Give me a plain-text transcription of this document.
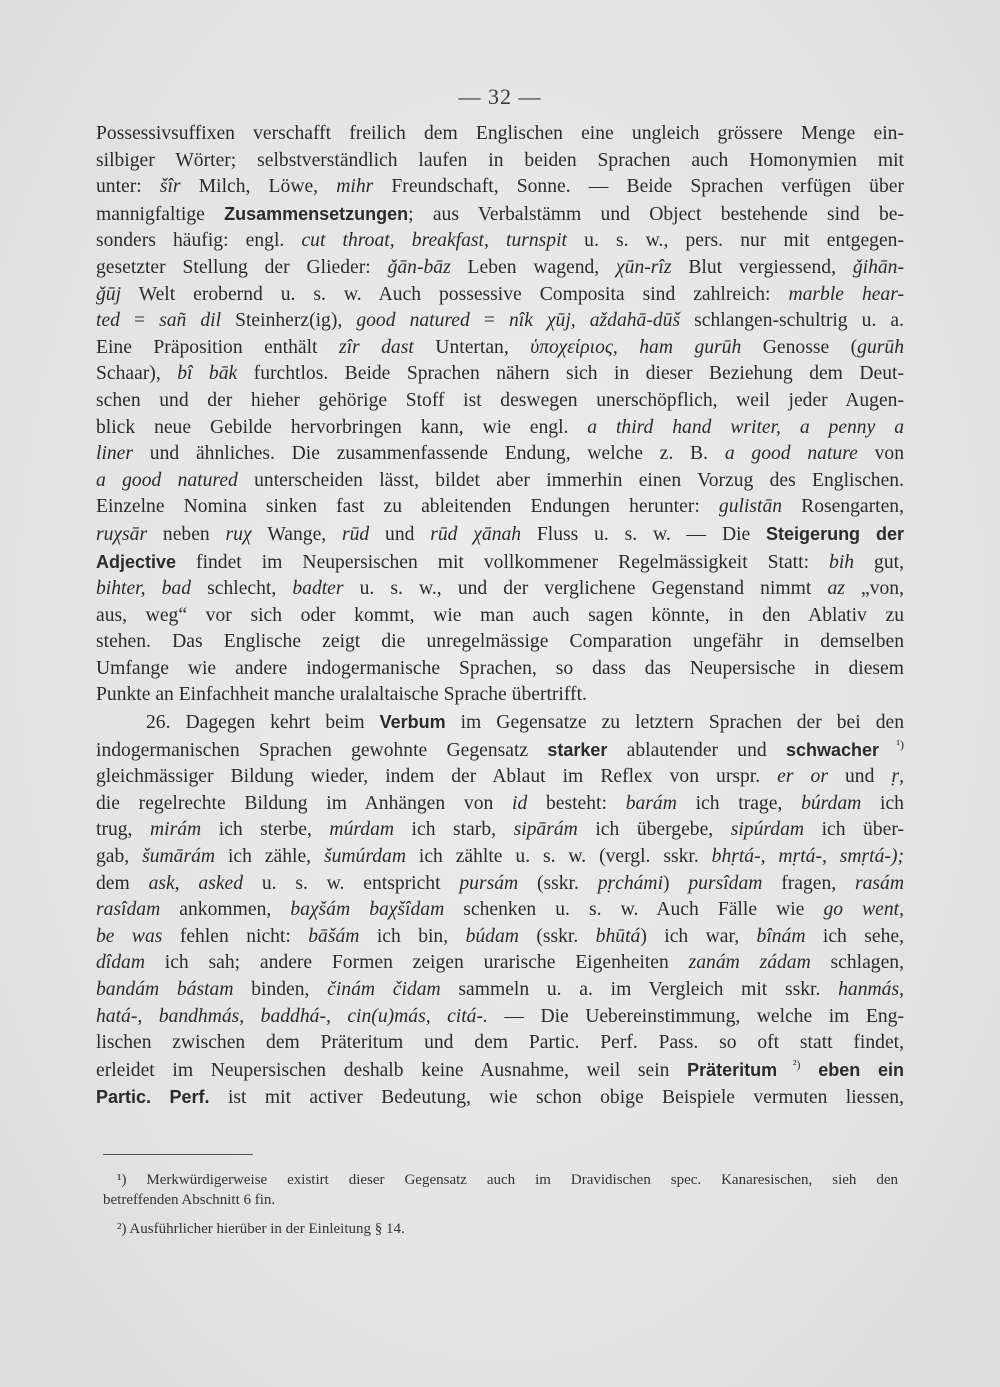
— 32 —
Possessivsuffixen verschafft freilich dem Englischen eine ungleich grössere Menge ein-
silbiger Wörter; selbstverständlich laufen in beiden Sprachen auch Homonymien mit
unter: šîr Milch, Löwe, mihr Freundschaft, Sonne. — Beide Sprachen verfügen über
mannigfaltige Zusammensetzungen; aus Verbalstämm und Object bestehende sind be-
sonders häufig: engl. cut throat, breakfast, turnspit u. s. w., pers. nur mit entgegen-
gesetzter Stellung der Glieder: ǧān-bāz Leben wagend, χūn-rîz Blut vergiessend, ǧihān-
ǧūj Welt erobernd u. s. w. Auch possessive Composita sind zahlreich: marble hear-
ted = sañ dil Steinherz(ig), good natured = nîk χūj, aždahā-dūš schlangen-schultrig u. a.
Eine Präposition enthält zîr dast Untertan, ὑποχείριος, ham gurūh Genosse (gurūh
Schaar), bî bāk furchtlos. Beide Sprachen nähern sich in dieser Beziehung dem Deut-
schen und der hieher gehörige Stoff ist deswegen unerschöpflich, weil jeder Augen-
blick neue Gebilde hervorbringen kann, wie engl. a third hand writer, a penny a
liner und ähnliches. Die zusammenfassende Endung, welche z. B. a good nature von
a good natured unterscheiden lässt, bildet aber immerhin einen Vorzug des Englischen.
Einzelne Nomina sinken fast zu ableitenden Endungen herunter: gulistān Rosengarten,
ruχsār neben ruχ Wange, rūd und rūd χānah Fluss u. s. w. — Die Steigerung der
Adjective findet im Neupersischen mit vollkommener Regelmässigkeit Statt: bih gut,
bihter, bad schlecht, badter u. s. w., und der verglichene Gegenstand nimmt az „von,
aus, weg“ vor sich oder kommt, wie man auch sagen könnte, in den Ablativ zu
stehen. Das Englische zeigt die unregelmässige Comparation ungefähr in demselben
Umfange wie andere indogermanische Sprachen, so dass das Neupersische in diesem
Punkte an Einfachheit manche uralaltaische Sprache übertrifft.
26. Dagegen kehrt beim Verbum im Gegensatze zu letztern Sprachen der bei den
indogermanischen Sprachen gewohnte Gegensatz starker ablautender und schwacher $^{^1)}$
gleichmässiger Bildung wieder, indem der Ablaut im Reflex von urspr. er or und ṛ,
die regelrechte Bildung im Anhängen von id besteht: barám ich trage, búrdam ich
trug, mirám ich sterbe, múrdam ich starb, sipārám ich übergebe, sipúrdam ich über-
gab, šumārám ich zähle, šumúrdam ich zählte u. s. w. (vergl. sskr. bhṛtá-, mṛtá-, smṛtá-);
dem ask, asked u. s. w. entspricht pursám (sskr. pṛchámi) pursîdam fragen, rasám
rasîdam ankommen, baχšám baχšîdam schenken u. s. w. Auch Fälle wie go went,
be was fehlen nicht: bāšám ich bin, búdam (sskr. bhūtá) ich war, bînám ich sehe,
dîdam ich sah; andere Formen zeigen urarische Eigenheiten zanám zádam schlagen,
bandám bástam binden, činám čidam sammeln u. a. im Vergleich mit sskr. hanmás,
hatá-, bandhmás, baddhá-, cin(u)más, citá-. — Die Uebereinstimmung, welche im Eng-
lischen zwischen dem Präteritum und dem Partic. Perf. Pass. so oft statt findet,
erleidet im Neupersischen deshalb keine Ausnahme, weil sein Präteritum $^{^2)}$ eben ein
Partic. Perf. ist mit activer Bedeutung, wie schon obige Beispiele vermuten liessen,
¹) Merkwürdigerweise existirt dieser Gegensatz auch im Dravidischen spec. Kanaresischen, sieh den
betreffenden Abschnitt 6 fin.
²) Ausführlicher hierüber in der Einleitung § 14.
